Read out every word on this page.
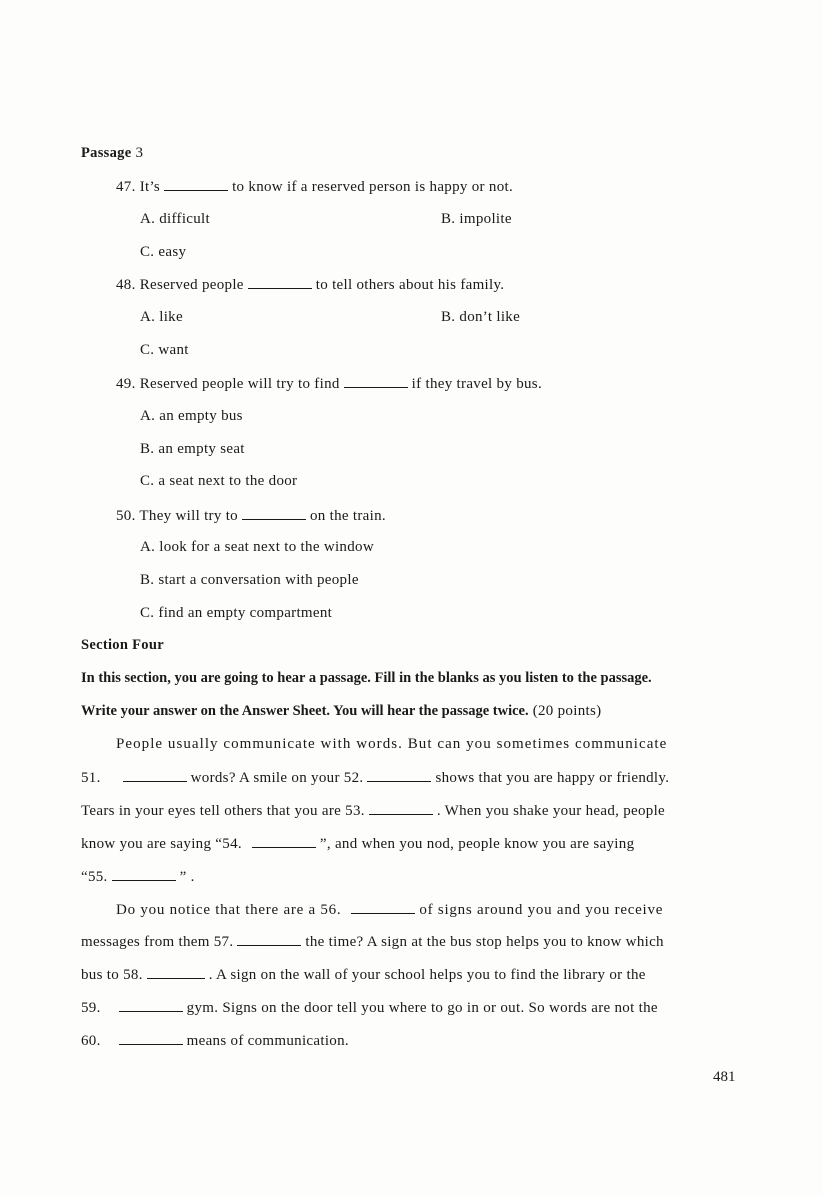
Passage 3
47. It’s	to know if a reserved person is happy or not.
A. difficult	B. impolite
C. easy
48. Reserved people	to tell others about his family.
A. like	B. don’t like
C. want
49. Reserved people will try to find	if they travel by bus.
A. an empty bus
B. an empty seat
C. a seat next to the door
50. They will try to	on the train.
A. look for a seat next to the window
B. start a conversation with people
C. find an empty compartment
Section Four
In this section, you are going to hear a passage. Fill in the blanks as you listen to the passage.
Write your answer on the Answer Sheet. You will hear the passage twice. (20 points)
People usually communicate with words. But can you sometimes communicate
51.	words? A smile on your 52.	shows that you are happy or friendly.
Tears in your eyes tell others that you are 53.	. When you shake your head, people
know you are saying “54.	”, and when you nod, people know you are saying
“55.	” .
Do you notice that there are a 56.	of signs around you and you receive
messages from them 57.	the time? A sign at the bus stop helps you to know which
bus to 58.	. A sign on the wall of your school helps you to find the library or the
59.	gym. Signs on the door tell you where to go in or out. So words are not the
60.	means of communication.
481
